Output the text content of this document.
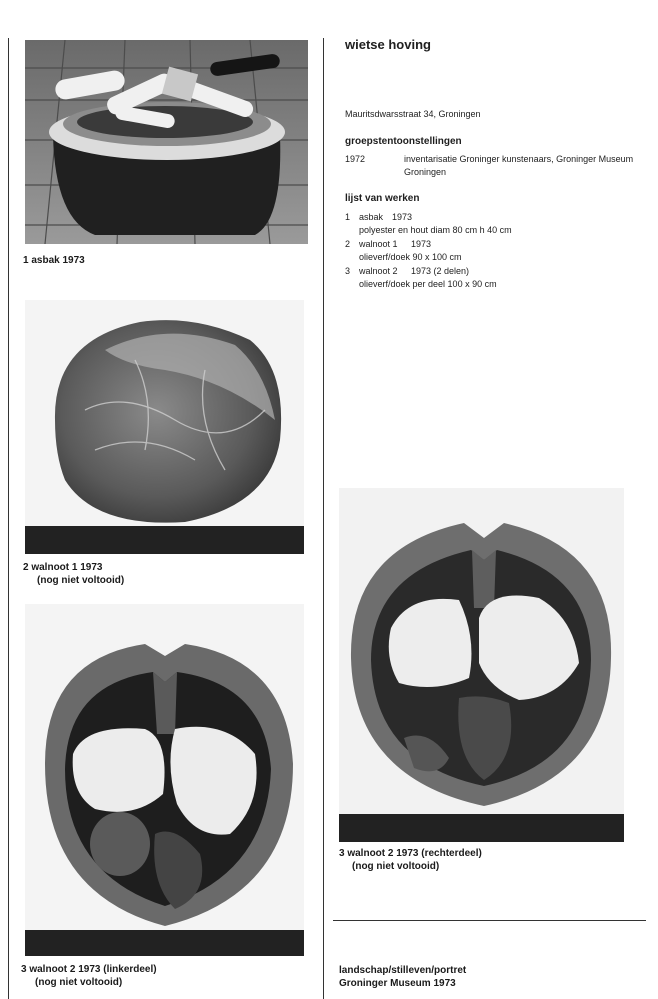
1 asbak 1973
2 walnoot 1 1973
(nog niet voltooid)
3 walnoot 2 1973 (linkerdeel)
(nog niet voltooid)
3 walnoot 2 1973 (rechterdeel)
(nog niet voltooid)
wietse hoving
Mauritsdwarsstraat 34, Groningen
groepstentoonstellingen
1972	inventarisatie Groninger kunstenaars, Groninger Museum
Groningen
lijst van werken
1 asbak 1973
polyester en hout diam 80 cm h 40 cm
2 walnoot 1 1973
olieverf/doek 90 x 100 cm
3 walnoot 2 1973 (2 delen)
olieverf/doek per deel 100 x 90 cm
landschap/stilleven/portret
Groninger Museum 1973
